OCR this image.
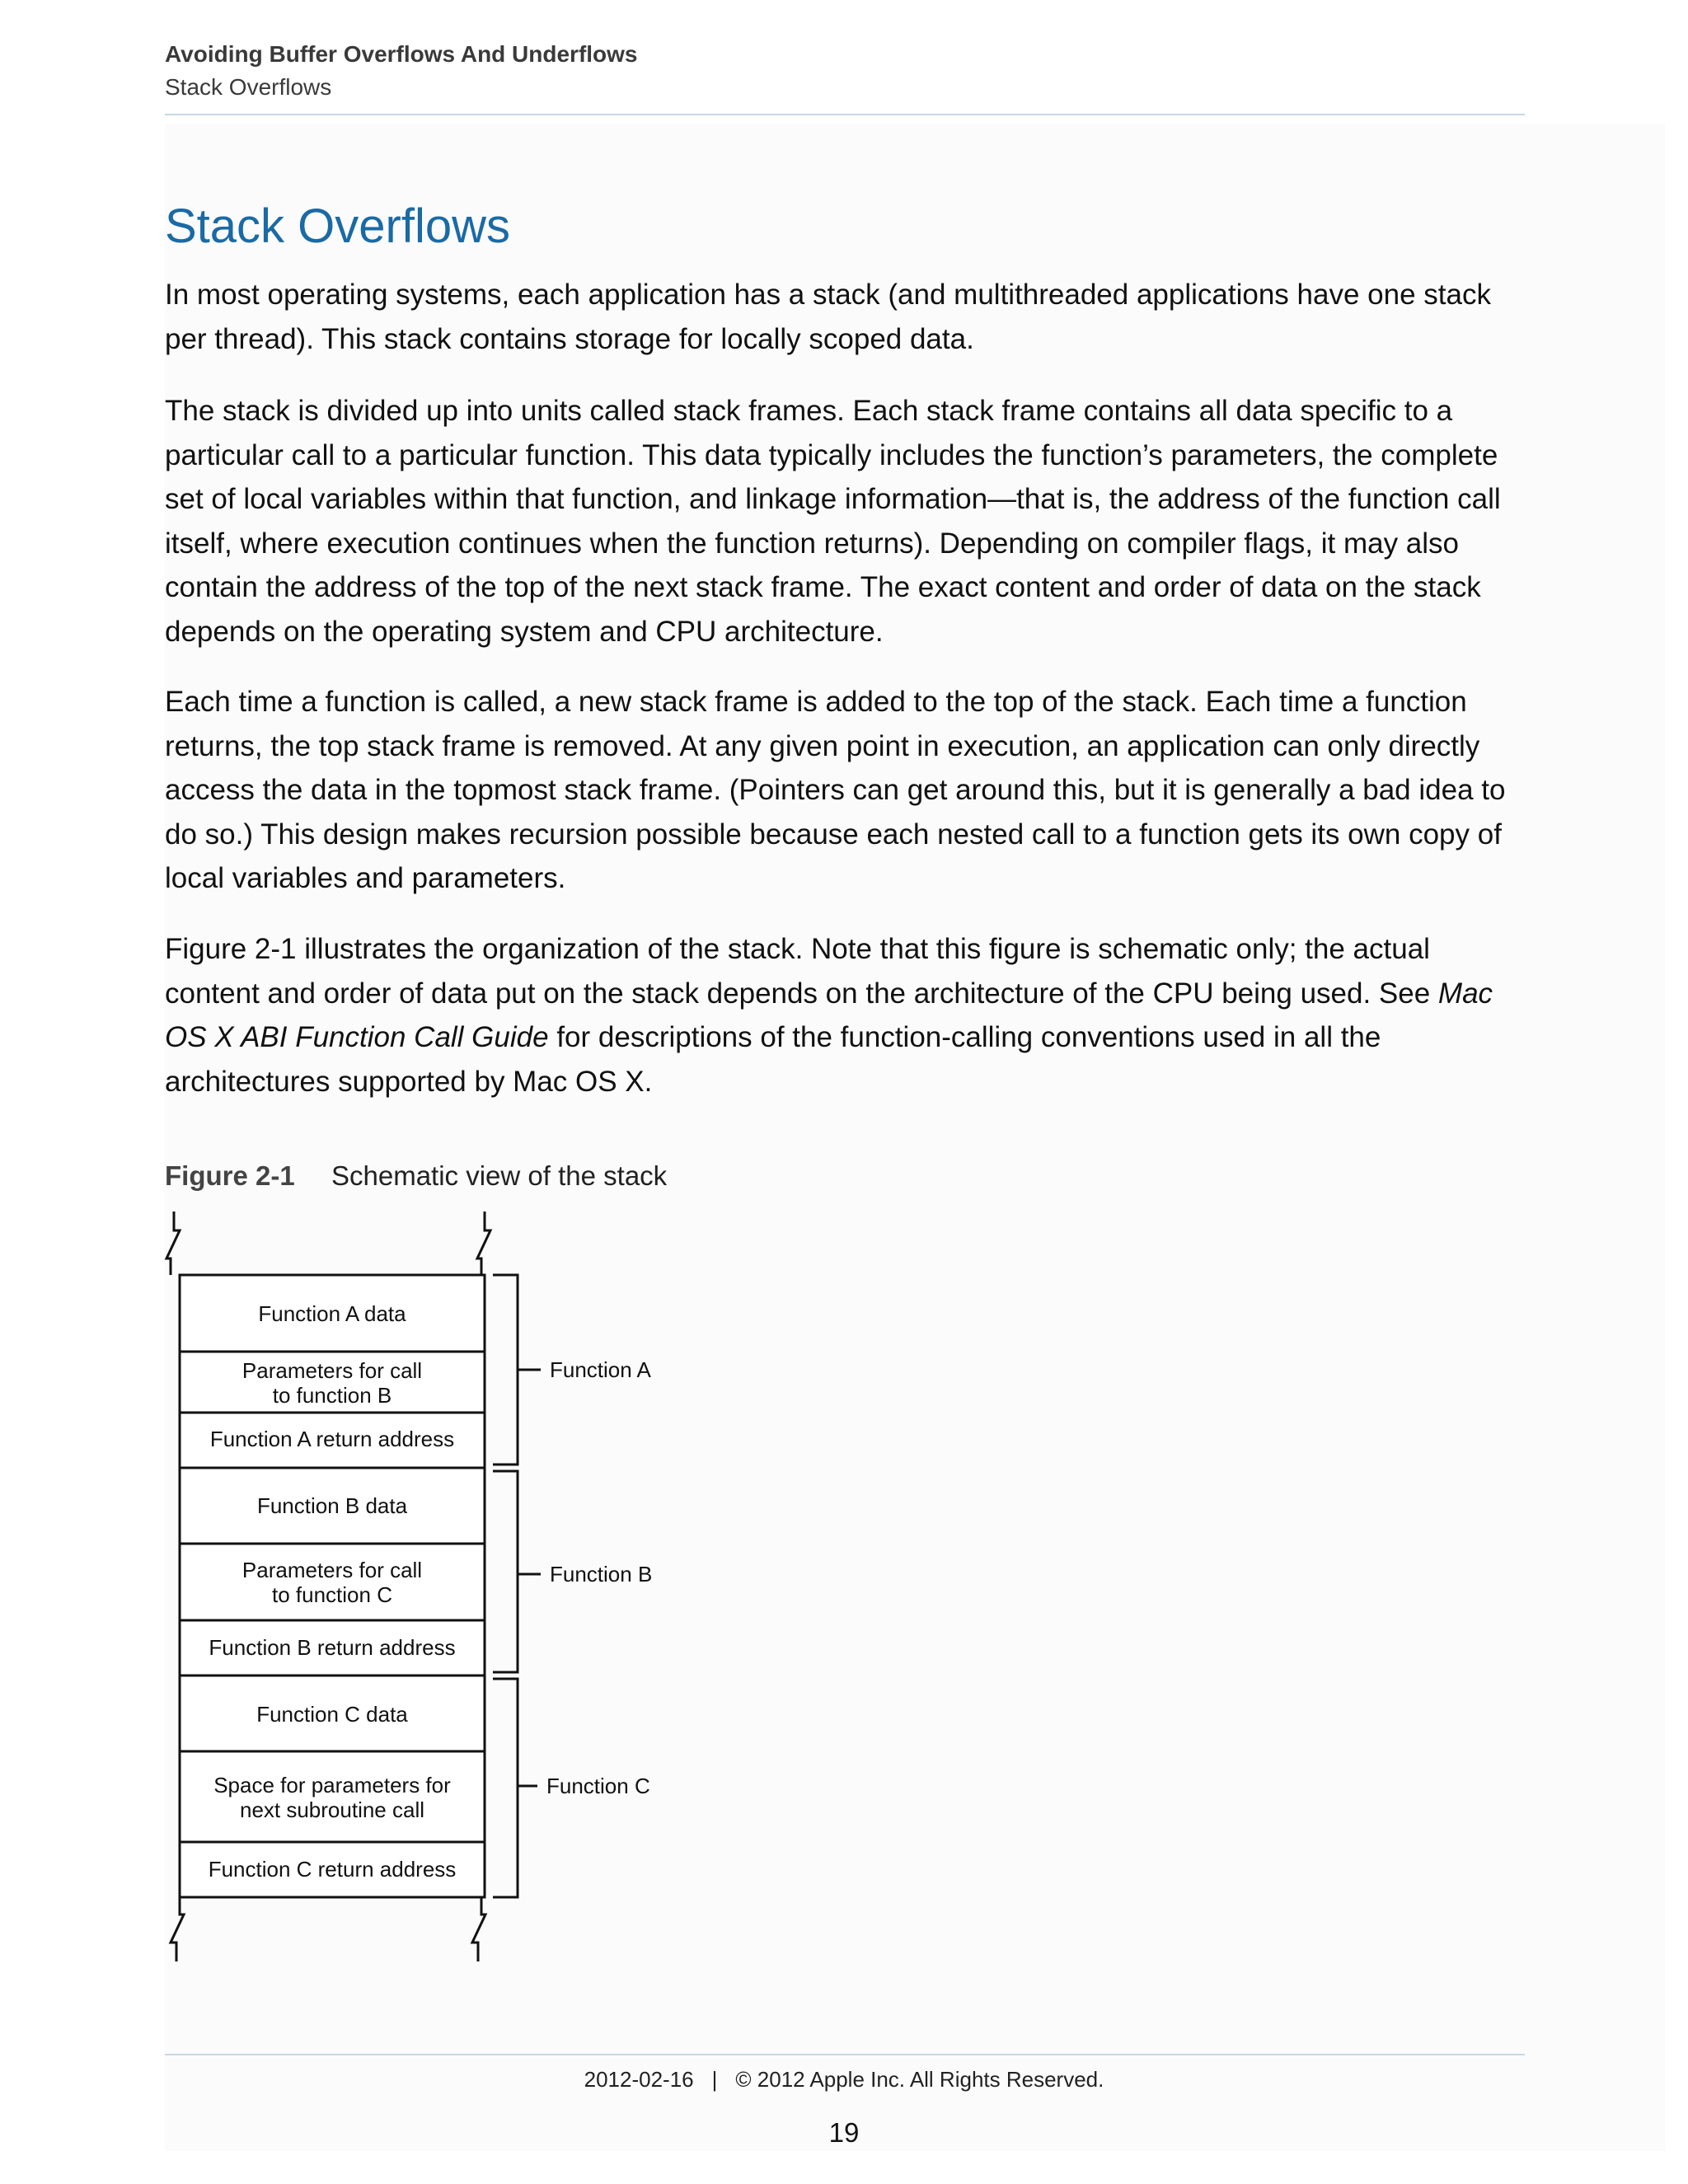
Avoiding Buffer Overflows And Underflows
Stack Overflows
Stack Overflows

In most operating systems, each application has a stack (and multithreaded applications have one stack per thread). This stack contains storage for locally scoped data.

The stack is divided up into units called stack frames. Each stack frame contains all data specific to a particular call to a particular function. This data typically includes the function’s parameters, the complete set of local variables within that function, and linkage information—that is, the address of the function call itself, where execution continues when the function returns). Depending on compiler flags, it may also contain the address of the top of the next stack frame. The exact content and order of data on the stack depends on the operating system and CPU architecture.

Each time a function is called, a new stack frame is added to the top of the stack. Each time a function returns, the top stack frame is removed. At any given point in execution, an application can only directly access the data in the topmost stack frame. (Pointers can get around this, but it is generally a bad idea to do so.) This design makes recursion possible because each nested call to a function gets its own copy of local variables and parameters.

Figure 2-1 illustrates the organization of the stack. Note that this figure is schematic only; the actual content and order of data put on the stack depends on the architecture of the CPU being used. See Mac OS X ABI Function Call Guide for descriptions of the function-calling conventions used in all the architectures supported by Mac OS X.

Figure 2-1 Schematic view of the stack
Function A data
Parameters for call
to function B
Function A return address
Function B data
Parameters for call
to function C
Function B return address
Function C data
Space for parameters for
next subroutine call
Function C return address
Function A
Function B
Function C
2012-02-16 | © 2012 Apple Inc. All Rights Reserved.
19
